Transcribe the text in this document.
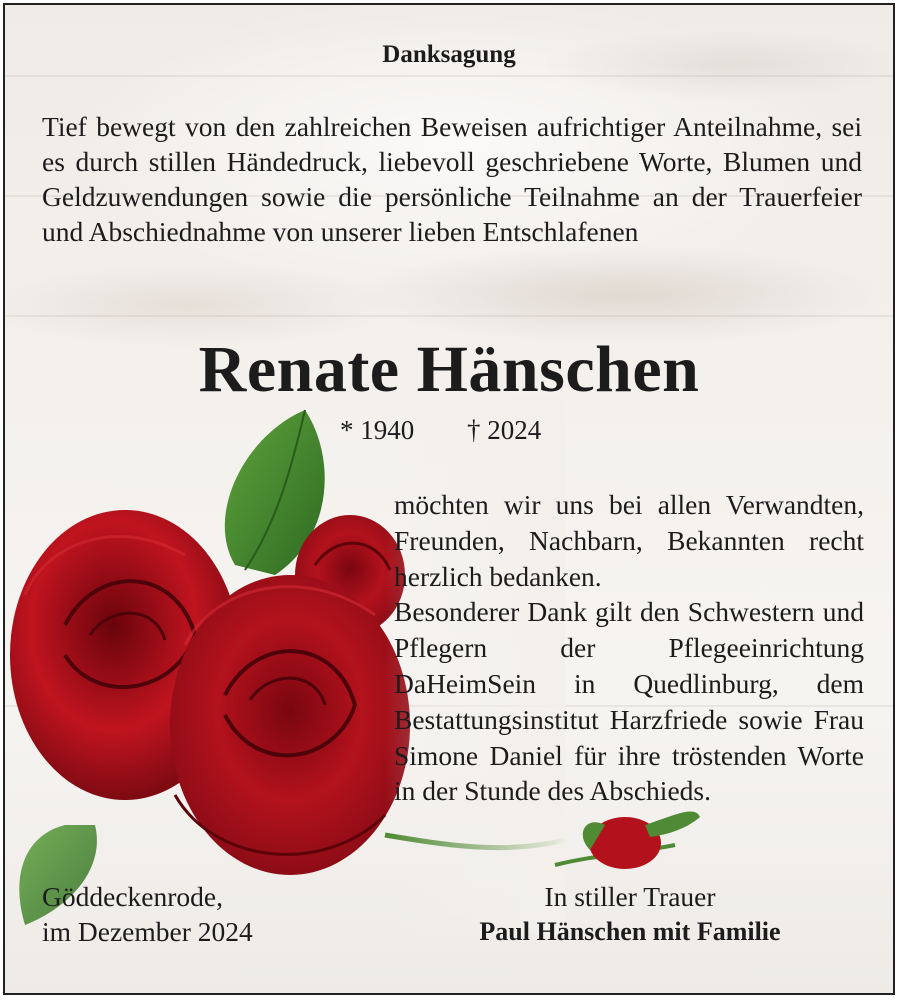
Danksagung
Tief bewegt von den zahlreichen Beweisen aufrichtiger Anteilnahme, sei es durch stillen Händedruck, liebevoll geschriebene Worte, Blumen und Geldzuwendungen sowie die persönliche Teilnahme an der Trauerfeier und Abschiednahme von unserer lieben Entschlafenen
Renate Hänschen
* 1940 † 2024

möchten wir uns bei allen Verwandten, Freunden, Nachbarn, Bekannten recht herzlich bedanken.

Besonderer Dank gilt den Schwestern und Pflegern der Pflegeeinrichtung DaHeimSein in Quedlinburg, dem Bestattungsinstitut Harzfriede sowie Frau Simone Daniel für ihre tröstenden Worte in der Stunde des Abschieds.

Göddeckenrode,
im Dezember 2024
In stiller Trauer
Paul Hänschen mit Familie
